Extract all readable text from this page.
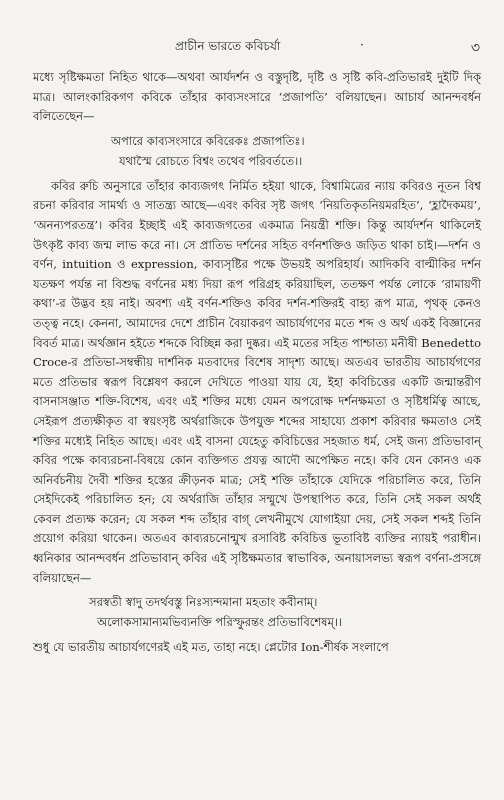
প্রাচীন ভারতে কবিচর্যা	·	৩

মধ্যে সৃষ্টিক্ষমতা নিহিত থাকে—অথবা আর্যদর্শন ও বস্তুদৃষ্টি, দৃষ্টি ও সৃষ্টি কবি-প্রতিভারই দুইটি দিক্‌ মাত্র। আলংকারিকগণ কবিকে তাঁহার কাব্যসংসারে ‘প্রজাপতি’ বলিয়াছেন। আচার্য আনন্দবর্ধন বলিতেছেন—

অপারে কাব্যসংসারে কবিরেকঃ প্রজাপতিঃ।
যথাস্মৈ রোচতে বিশ্বং তথেব পরিবর্ততে।।

কবির রুচি অনুসারে তাঁহার কাব্যজগৎ নির্মিত হইয়া থাকে, বিশ্বামিত্রের ন্যায় কবিরও নূতন বিশ্ব রচনা করিবার সামর্থ্য ও সাতন্ত্র্য আছে—এবং কবির সৃষ্ট জগৎ ‘নিয়তিকৃতনিয়মরহিত’, ‘হ্লাদৈকময়’, ‘অনন্যপরতন্ত্র’। কবির ইচ্ছাই এই কাব্যজগতের একমাত্র নিয়ন্ত্রী শক্তি। কিন্তু আর্যদর্শন থাকিলেই উৎকৃষ্ট কাব্য জন্ম লাভ করে না। সে প্রাতিভ দর্শনের সহিত বর্ণনশক্তিও জড়িত থাকা চাই।—দর্শন ও বর্ণন, intuition ও expression, কাব্যসৃষ্টির পক্ষে উভয়ই অপরিহার্য। আদিকবি বাল্মীকির দর্শন যতক্ষণ পর্যন্ত না বিশুদ্ধ বর্ণনের মধ্য দিয়া রূপ পরিগ্রহ করিয়াছিল, ততক্ষণ পর্যন্ত লোকে ‘রামায়ণী কথা’-র উদ্ভব হয় নাই। অবশ্য এই বর্ণন-শক্তিও কবির দর্শন-শক্তিরই বাহ্য রূপ মাত্র, পৃথক্‌ কেনও তত্ত্ব নহে। কেননা, আমাদের দেশে প্রাচীন বৈয়াকরণ আচার্যগণের মতে শব্দ ও অর্থ একই বিজ্ঞানের বিবর্ত মাত্র। অর্থজ্ঞান হইতে শব্দকে বিচ্ছিন্ন করা দুষ্কর। এই মতের সহিত পাশ্চাত্য মনীষী Benedetto Croce-র প্রতিভা-সম্বন্ধীয় দার্শনিক মতবাদের বিশেষ সাদৃশ্য আছে। অতএব ভারতীয় আচার্যগণের মতে প্রতিভার স্বরূপ বিশ্লেষণ করলে দেখিতে পাওয়া যায় যে, ইহা কবিচিত্তের একটি জন্মান্তরীণ বাসনাসঞ্জাত শক্তি-বিশেষ, এবং এই শক্তির মধ্যে যেমন অপরোক্ষ দর্শনক্ষমতা ও সৃষ্টিধর্মিত্ব আছে, সেইরূপ প্রত্যক্ষীকৃত বা স্বয়ংসৃষ্ট অর্থরাজিকে উপযুক্ত শব্দের সাহায্যে প্রকাশ করিবার ক্ষমতাও সেই শক্তির মধ্যেই নিহিত আছে। এবং এই বাসনা যেহেতু কবিচিত্তের সহজাত ধর্ম, সেই জন্য প্রতিভাবান্‌ কবির পক্ষে কাব্যরচনা-বিষয়ে কোন ব্যক্তিগত প্রযত্ন আদৌ অপেক্ষিত নহে। কবি যেন কোনও এক অনির্বচনীয় দৈবী শক্তির হস্তের ক্রীড়নক মাত্র; সেই শক্তি তাঁহাকে যেদিকে পরিচালিত করে, তিনি সেইদিকেই পরিচালিত হন; যে অর্থরাজি তাঁহার সম্মুখে উপস্থাপিত করে, তিনি সেই সকল অর্থই কেবল প্রত্যক্ষ করেন; যে সকল শব্দ তাঁহার বাগ্‌ লেখনীমুখে যোগাইয়া দেয়, সেই সকল শব্দই তিনি প্রয়োগ করিয়া থাকেন। অতএব কাব্যরচনোন্মুখ রসাবিষ্ট কবিচিত্ত ভূতাবিষ্ট ব্যক্তির ন্যায়ই পরাধীন। ধ্বনিকার আনন্দবর্ধন প্রতিভাবান্‌ কবির এই সৃষ্টিক্ষমতার স্বাভাবিক, অনায়াসলভ্য স্বরূপ বর্ণনা-প্রসঙ্গে বলিয়াছেন—

সরস্বতী স্বাদু তদর্থবস্তু নিঃস্যন্দমানা মহতাং কবীনাম্‌।
অলোকসামান্যমভিব্যনক্তি পরিস্ফুরন্তং প্রতিভাবিশেষম্‌।।

শুধু যে ভারতীয় আচার্যগণেরই এই মত, তাহা নহে। প্লেটোর Ion-শীর্ষক সংলাপে
